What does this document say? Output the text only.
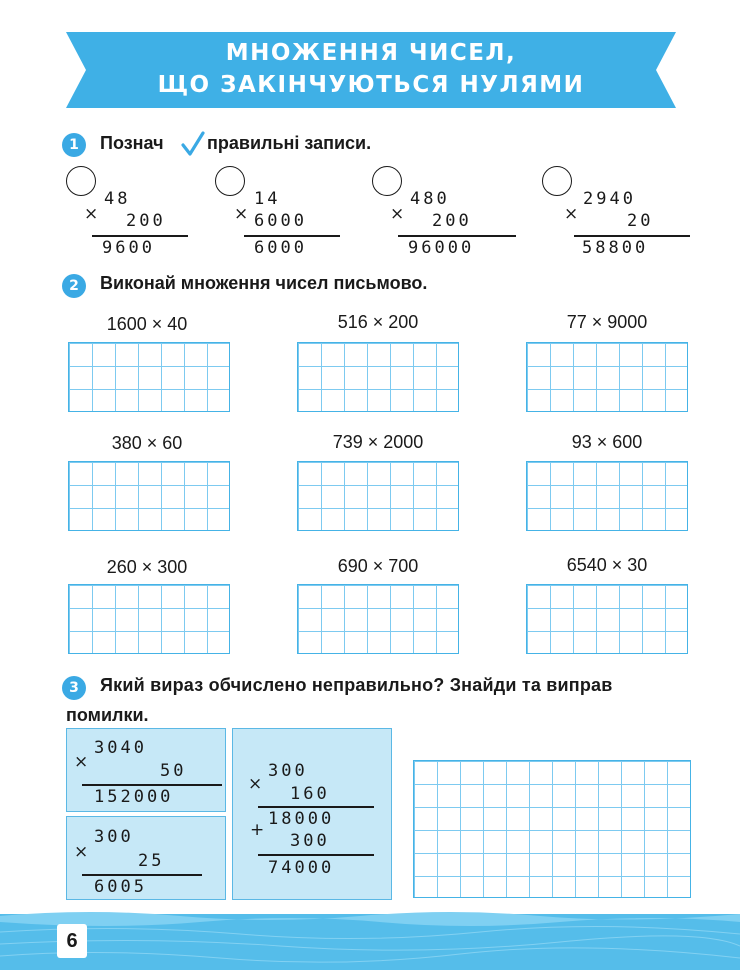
МНОЖЕННЯ ЧИСЕЛ,
ЩО ЗАКІНЧУЮТЬСЯ НУЛЯМИ
1	Познач правильні записи.
×
48
200
9600
×
14
6000
6000
×
480
200
96000
×
2940
20
58800
2	Виконай множення чисел письмово.
1600 × 40	516 × 200	77 × 9000
380 × 60	739 × 2000	93 × 600
260 × 300	690 × 700	6540 × 30
3	Який вираз обчислено неправильно? Знайди та виправ
помилки.
×
3040
50
152000
×
300
25
6005
×
300
160
18000
+
300
74000
6
